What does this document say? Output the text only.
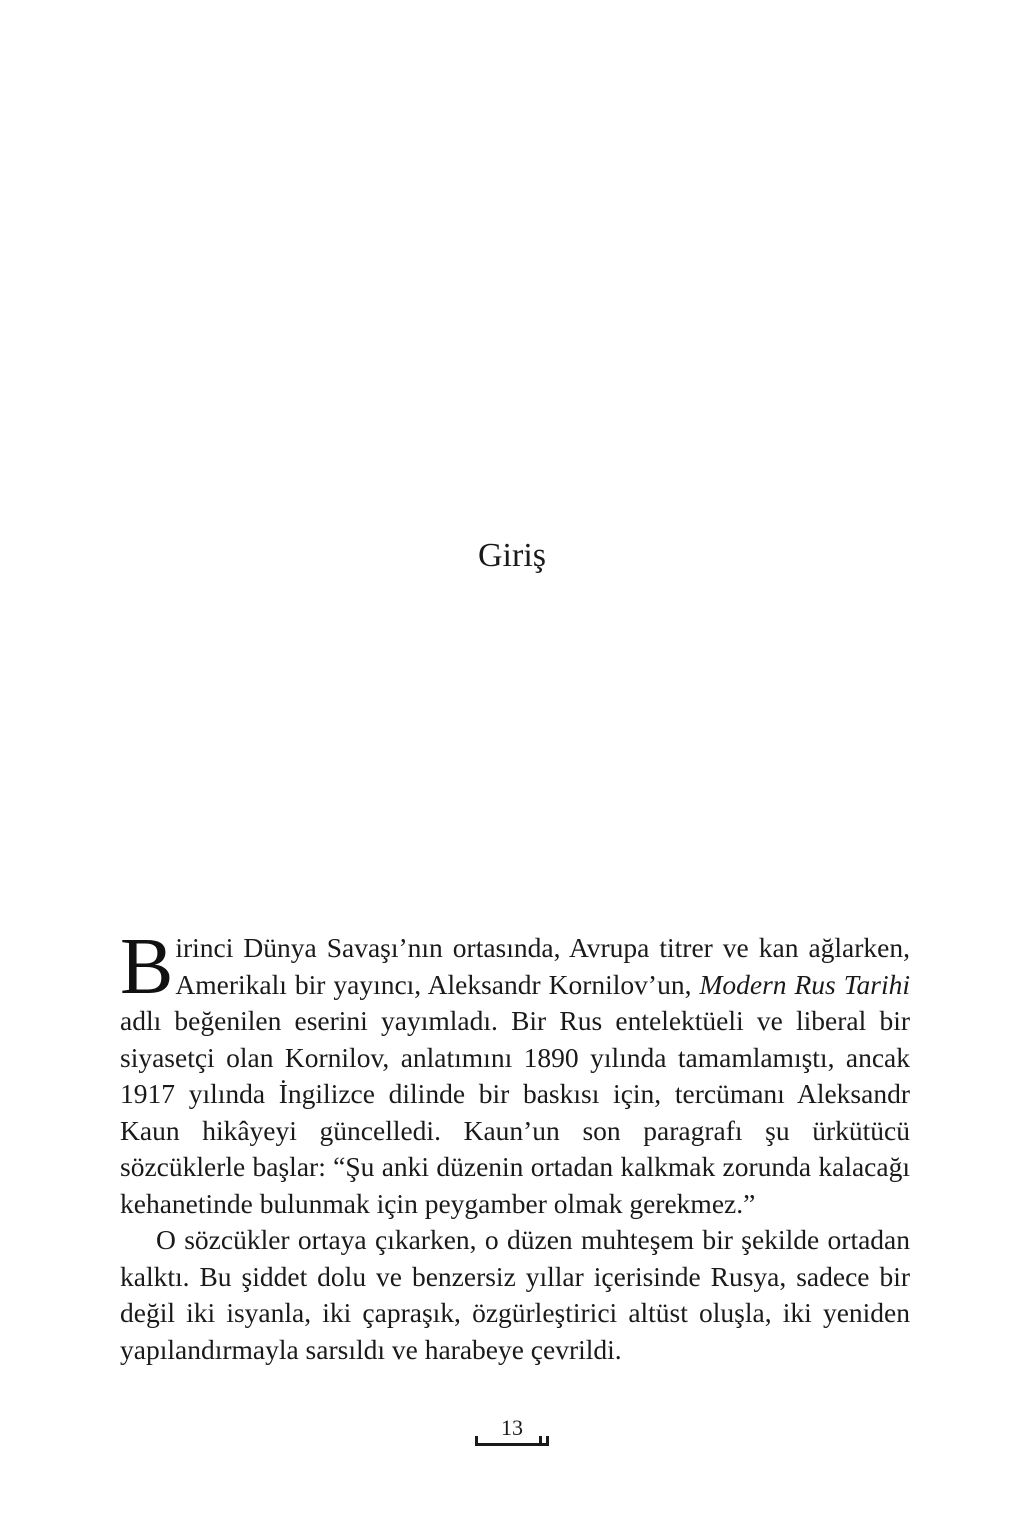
Giriş

Birinci Dünya Savaşı’nın ortasında, Avrupa titrer ve kan ağlarken, Amerikalı bir yayıncı, Aleksandr Kornilov’un, Modern Rus Tarihi adlı beğenilen eserini yayımladı. Bir Rus entelektüeli ve liberal bir siyasetçi olan Kornilov, anlatımını 1890 yılında tamamlamıştı, ancak 1917 yılında İngilizce dilinde bir baskısı için, tercümanı Aleksandr Kaun hikâyeyi güncelledi. Kaun’un son paragrafı şu ürkütücü sözcüklerle başlar: “Şu anki düzenin ortadan kalkmak zorunda kalacağı kehanetinde bulunmak için peygamber olmak gerekmez.”

O sözcükler ortaya çıkarken, o düzen muhteşem bir şekilde ortadan kalktı. Bu şiddet dolu ve benzersiz yıllar içerisinde Rusya, sadece bir değil iki isyanla, iki çapraşık, özgürleştirici altüst oluşla, iki yeniden yapılandırmayla sarsıldı ve harabeye çevrildi.

13
